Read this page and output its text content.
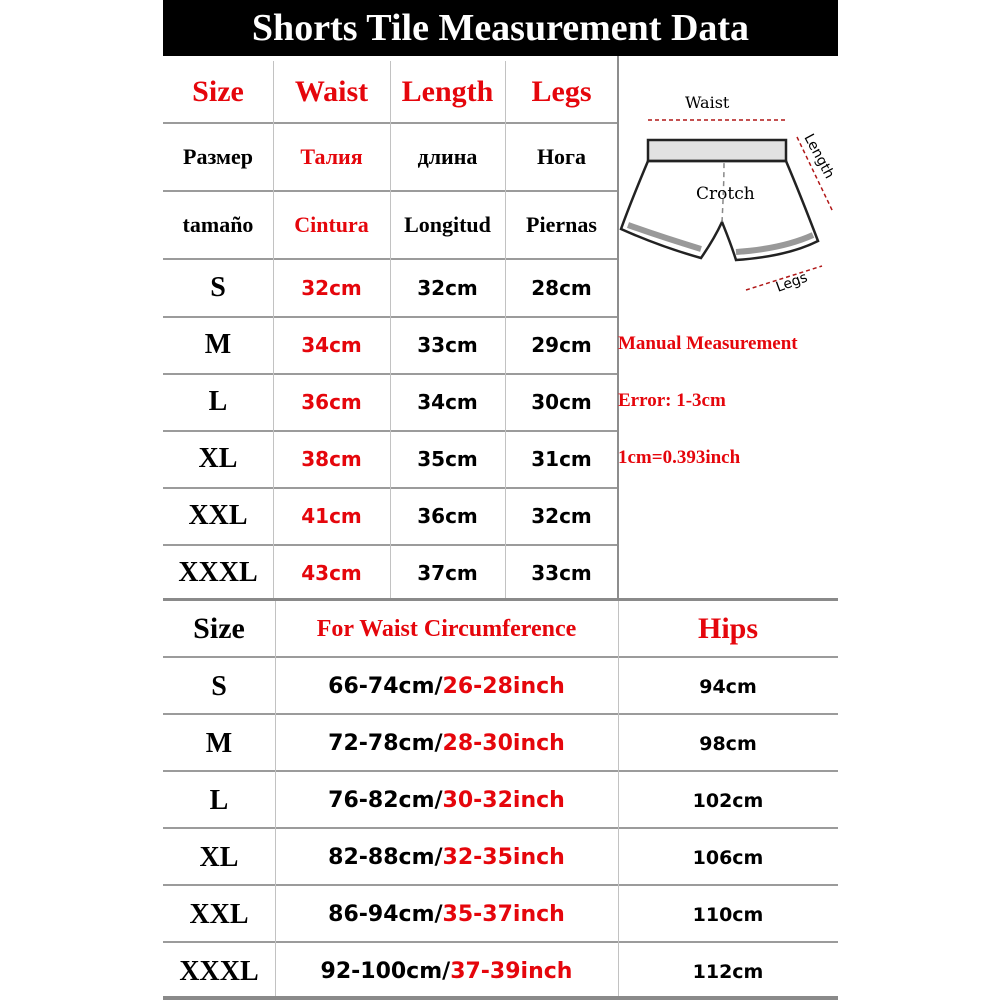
Shorts Tile Measurement Data
Waist
Crotch
Length
Legs
Size	Waist	Length	Legs
Размер	Талия	длина	Нога
tamaño	Cintura	Longitud	Piernas
S	32cm	32cm	28cm
M	34cm	33cm	29cm
L	36cm	34cm	30cm
XL	38cm	35cm	31cm
XXL	41cm	36cm	32cm
XXXL	43cm	37cm	33cm
Manual Measurement
Error: 1-3cm
1cm=0.393inch
Size	For Waist Circumference	Hips
S	66-74cm/ 26-28inch	94cm
M	72-78cm/ 28-30inch	98cm
L	76-82cm/ 30-32inch	102cm
XL	82-88cm/ 32-35inch	106cm
XXL	86-94cm/ 35-37inch	110cm
XXXL	92-100cm/ 37-39inch	112cm
